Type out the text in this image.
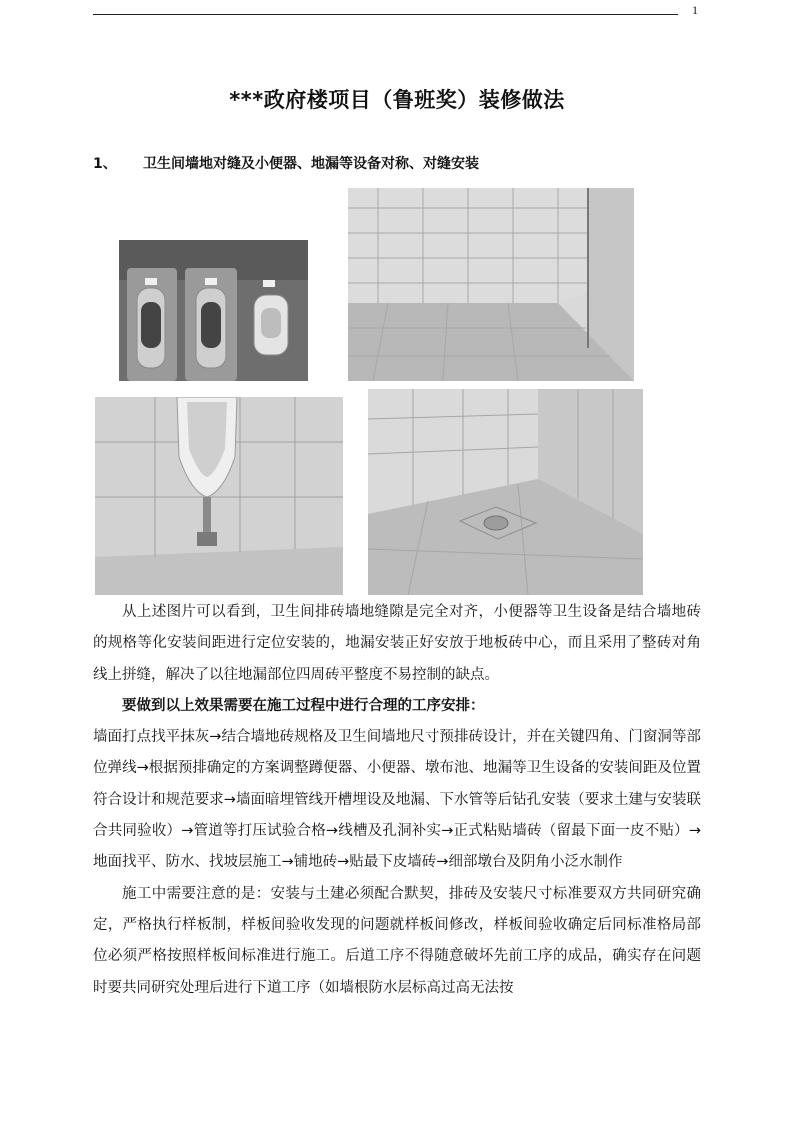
1
***政府楼项目（鲁班奖）装修做法
1、 卫生间墙地对缝及小便器、地漏等设备对称、对缝安装

从上述图片可以看到，卫生间排砖墙地缝隙是完全对齐，小便器等卫生设备是结合墙地砖的规格等化安装间距进行定位安装的，地漏安装正好安放于地板砖中心，而且采用了整砖对角线上拼缝，解决了以往地漏部位四周砖平整度不易控制的缺点。

要做到以上效果需要在施工过程中进行合理的工序安排：

墙面打点找平抹灰→结合墙地砖规格及卫生间墙地尺寸预排砖设计，并在关键四角、门窗洞等部位弹线→根据预排确定的方案调整蹲便器、小便器、墩布池、地漏等卫生设备的安装间距及位置符合设计和规范要求→墙面暗埋管线开槽埋设及地漏、下水管等后钻孔安装（要求土建与安装联合共同验收）→管道等打压试验合格→线槽及孔洞补实→正式粘贴墙砖（留最下面一皮不贴）→地面找平、防水、找坡层施工→铺地砖→贴最下皮墙砖→细部墩台及阴角小泛水制作

施工中需要注意的是：安装与土建必须配合默契，排砖及安装尺寸标准要双方共同研究确定，严格执行样板制，样板间验收发现的问题就样板间修改，样板间验收确定后同标准格局部位必须严格按照样板间标准进行施工。后道工序不得随意破坏先前工序的成品，确实存在问题时要共同研究处理后进行下道工序（如墙根防水层标高过高无法按
